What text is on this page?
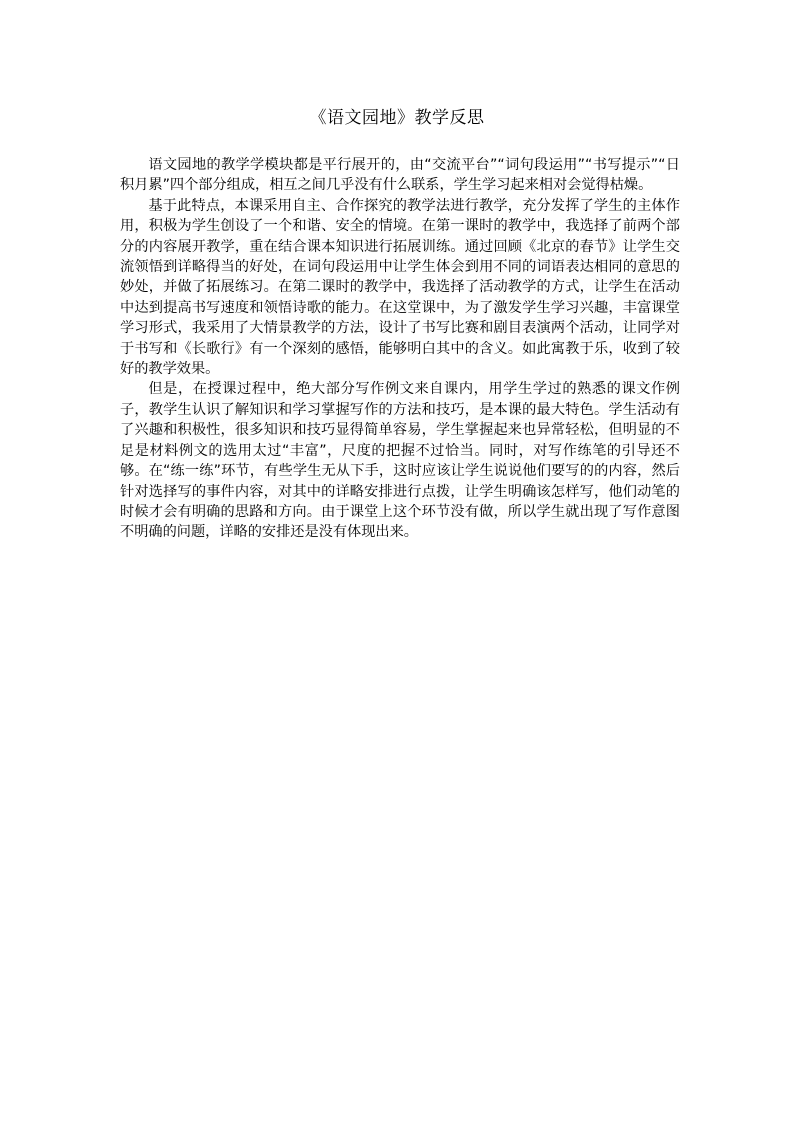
《语文园地》教学反思

语文园地的教学学模块都是平行展开的，由“交流平台”“词句段运用”“书写提示”“日积月累”四个部分组成，相互之间几乎没有什么联系，学生学习起来相对会觉得枯燥。

基于此特点，本课采用自主、合作探究的教学法进行教学，充分发挥了学生的主体作用，积极为学生创设了一个和谐、安全的情境。在第一课时的教学中，我选择了前两个部分的内容展开教学，重在结合课本知识进行拓展训练。通过回顾《北京的春节》让学生交流领悟到详略得当的好处，在词句段运用中让学生体会到用不同的词语表达相同的意思的妙处，并做了拓展练习。在第二课时的教学中，我选择了活动教学的方式，让学生在活动中达到提高书写速度和领悟诗歌的能力。在这堂课中，为了激发学生学习兴趣，丰富课堂学习形式，我采用了大情景教学的方法，设计了书写比赛和剧目表演两个活动，让同学对于书写和《长歌行》有一个深刻的感悟，能够明白其中的含义。如此寓教于乐，收到了较好的教学效果。

但是，在授课过程中，绝大部分写作例文来自课内，用学生学过的熟悉的课文作例子，教学生认识了解知识和学习掌握写作的方法和技巧，是本课的最大特色。学生活动有了兴趣和积极性，很多知识和技巧显得简单容易，学生掌握起来也异常轻松，但明显的不足是材料例文的选用太过“丰富”，尺度的把握不过恰当。同时，对写作练笔的引导还不够。在“练一练”环节，有些学生无从下手，这时应该让学生说说他们要写的的内容，然后针对选择写的事件内容，对其中的详略安排进行点拨，让学生明确该怎样写，他们动笔的时候才会有明确的思路和方向。由于课堂上这个环节没有做，所以学生就出现了写作意图不明确的问题，详略的安排还是没有体现出来。
